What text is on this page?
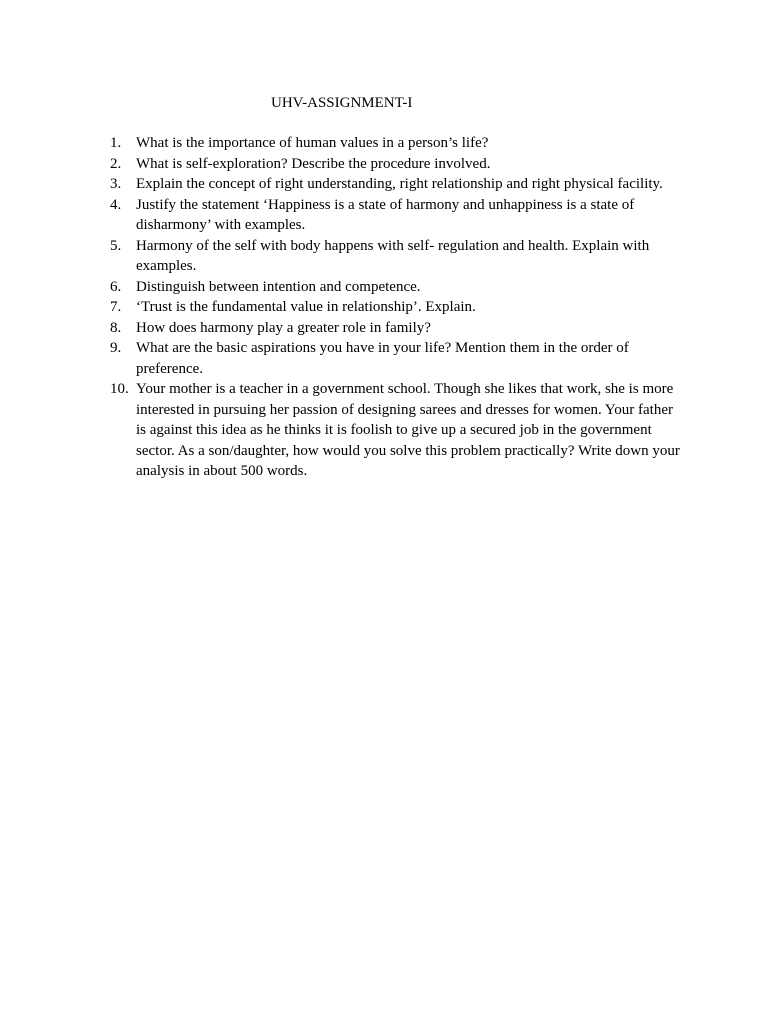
UHV-ASSIGNMENT-I
1. What is the importance of human values in a person’s life?
2. What is self-exploration? Describe the procedure involved.
3. Explain the concept of right understanding, right relationship and right physical facility.
4. Justify the statement ‘Happiness is a state of harmony and unhappiness is a state of disharmony’ with examples.
5. Harmony of the self with body happens with self- regulation and health. Explain with examples.
6. Distinguish between intention and competence.
7. ‘Trust is the fundamental value in relationship’. Explain.
8. How does harmony play a greater role in family?
9. What are the basic aspirations you have in your life? Mention them in the order of preference.
10. Your mother is a teacher in a government school. Though she likes that work, she is more interested in pursuing her passion of designing sarees and dresses for women. Your father is against this idea as he thinks it is foolish to give up a secured job in the government sector. As a son/daughter, how would you solve this problem practically? Write down your analysis in about 500 words.
